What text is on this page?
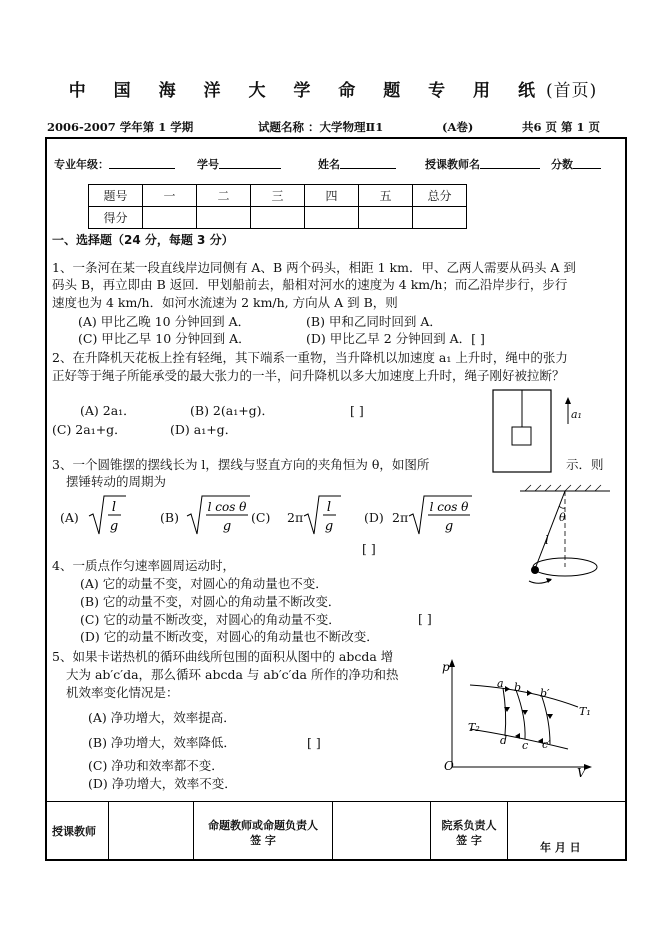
中 国 海 洋 大 学 命 题 专 用 纸(首页)
2006-2007 学年第 1 学期	试题名称 ：大学物理Ⅱ1	(A卷)	共6 页 第 1 页
专业年级：	学号	姓名	授课教师名	分数
题号	一	二	三	四	五	总分
得分						
一、选择题（24 分，每题 3 分）
1、一条河在某一段直线岸边同侧有 A、B 两个码头，相距 1 km．甲、乙两人需要从码头 A 到
码头 B，再立即由 B 返回．甲划船前去，船相对河水的速度为 4 km/h；而乙沿岸步行，步行
速度也为 4 km/h．如河水流速为 2 km/h, 方向从 A 到 B，则
(A) 甲比乙晚 10 分钟回到 A．	(B) 甲和乙同时回到 A．
(C) 甲比乙早 10 分钟回到 A．	(D) 甲比乙早 2 分钟回到 A．[ ]
2、在升降机天花板上拴有轻绳，其下端系一重物，当升降机以加速度 a₁ 上升时，绳中的张力
正好等于绳子所能承受的最大张力的一半，问升降机以多大加速度上升时，绳子刚好被拉断？
(A) 2a₁．	(B) 2(a₁+g)．	[ ]
(C) 2a₁+g．	(D) a₁+g．
a₁
3、一个圆锥摆的摆线长为 l，摆线与竖直方向的夹角恒为 θ，如图所	示．则
摆锤转动的周期为
(A)
l
g
(B)
l cos θ
g
(C) 2π
l
g
(D) 2π
l cos θ
g
[ ]
l
θ
4、一质点作匀速率圆周运动时，
(A) 它的动量不变，对圆心的角动量也不变．
(B) 它的动量不变，对圆心的角动量不断改变．
(C) 它的动量不断改变，对圆心的角动量不变．	[ ]
(D) 它的动量不断改变，对圆心的角动量也不断改变．
5、如果卡诺热机的循环曲线所包围的面积从图中的 abcda 增
大为 ab′c′da，那么循环 abcda 与 ab′c′da 所作的净功和热
机效率变化情况是：
(A) 净功增大，效率提高．
(B) 净功增大，效率降低．	[ ]
(C) 净功和效率都不变．
(D) 净功增大，效率不变．
p
O	V
a b b′
d c c′
T₁
T₂
授课教师	命题教师或命题负责人
签 字
院系负责人
签 字
年 月 日
